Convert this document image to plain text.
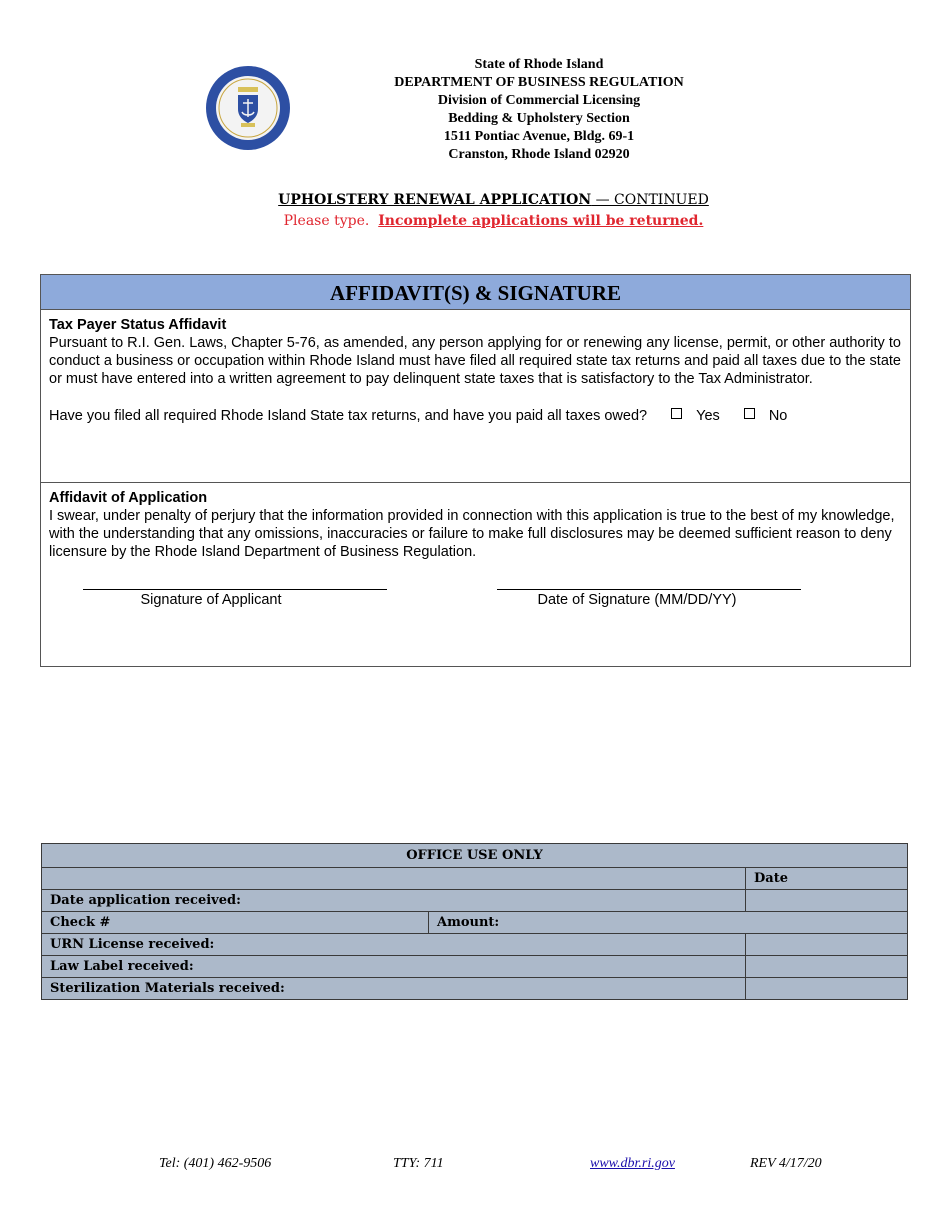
State of Rhode Island
DEPARTMENT OF BUSINESS REGULATION
Division of Commercial Licensing
Bedding & Upholstery Section
1511 Pontiac Avenue, Bldg. 69-1
Cranston, Rhode Island 02920
UPHOLSTERY RENEWAL APPLICATION — CONTINUED
Please type. Incomplete applications will be returned.
AFFIDAVIT(S) & SIGNATURE
Tax Payer Status Affidavit
Pursuant to R.I. Gen. Laws, Chapter 5-76, as amended, any person applying for or renewing any license, permit, or other authority to conduct a business or occupation within Rhode Island must have filed all required state tax returns and paid all taxes due to the state or must have entered into a written agreement to pay delinquent state taxes that is satisfactory to the Tax Administrator.
Have you filed all required Rhode Island State tax returns, and have you paid all taxes owed?	Yes	No
Affidavit of Application
I swear, under penalty of perjury that the information provided in connection with this application is true to the best of my knowledge, with the understanding that any omissions, inaccuracies or failure to make full disclosures may be deemed sufficient reason to deny licensure by the Rhode Island Department of Business Regulation.
Signature of Applicant	Date of Signature (MM/DD/YY)
OFFICE USE ONLY		
		Date
Date application received:		
Check #	Amount:	
URN License received:		
Law Label received:		
Sterilization Materials received:		
Tel: (401) 462-9506	TTY: 711	www.dbr.ri.gov	REV 4/17/20
